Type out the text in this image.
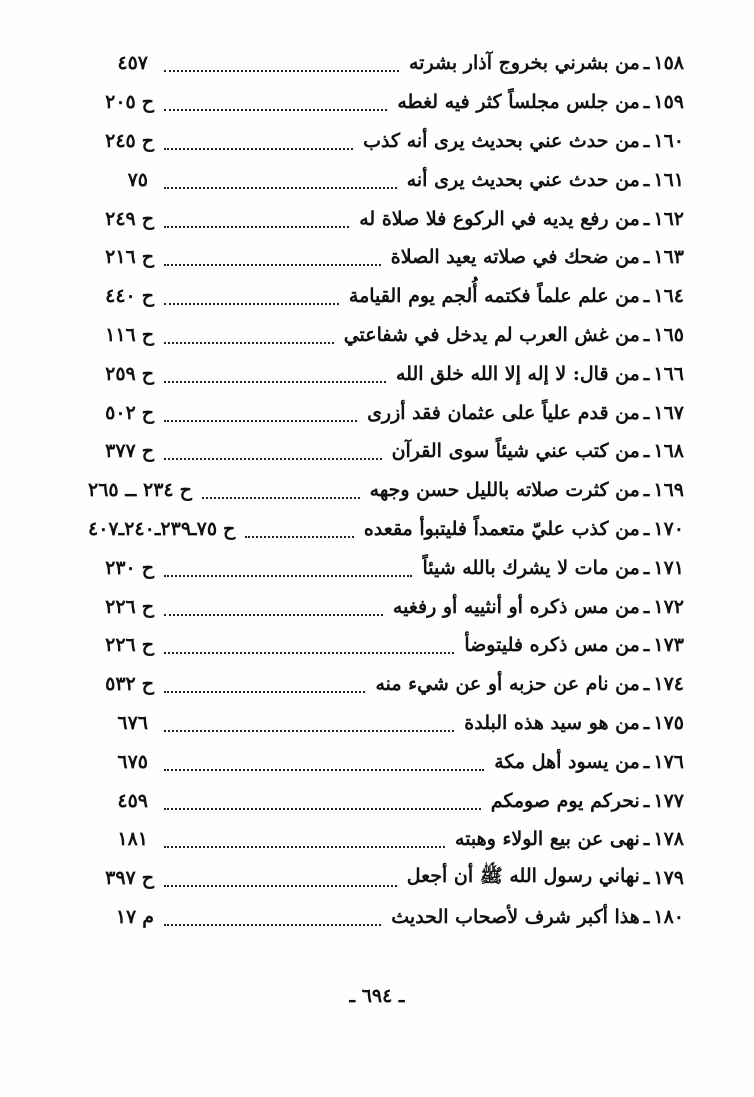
١٥٨
ـ
من بشرني بخروج آذار بشرته
٤٥٧
١٥٩
ـ
من جلس مجلساً كثر فيه لغطه
ح
٢٠٥
١٦٠
ـ
من حدث عني بحديث يرى أنه كذب
ح
٢٤٥
١٦١
ـ
من حدث عني بحديث يرى أنه
٧٥
١٦٢
ـ
من رفع يديه في الركوع فلا صلاة له
ح
٢٤٩
١٦٣
ـ
من ضحك في صلاته يعيد الصلاة
ح
٢١٦
١٦٤
ـ
من علم علماً فكتمه أُلجم يوم القيامة
ح
٤٤٠
١٦٥
ـ
من غش العرب لم يدخل في شفاعتي
ح
١١٦
١٦٦
ـ
من قال: لا إله إلا الله خلق الله
ح
٢٥٩
١٦٧
ـ
من قدم علياً على عثمان فقد أزرى
ح
٥٠٢
١٦٨
ـ
من كتب عني شيئاً سوى القرآن
ح
٣٧٧
١٦٩
ـ
من كثرت صلاته بالليل حسن وجهه
ح
٢٣٤ ــ ٢٦٥
١٧٠
ـ
من كذب عليّ متعمداً فليتبوأ مقعده
ح
٧٥ـ٢٣٩ـ٢٤٠ـ٤٠٧
١٧١
ـ
من مات لا يشرك بالله شيئاً
ح
٢٣٠
١٧٢
ـ
من مس ذكره أو أنثييه أو رفغيه
ح
٢٢٦
١٧٣
ـ
من مس ذكره فليتوضأ
ح
٢٢٦
١٧٤
ـ
من نام عن حزبه أو عن شيء منه
ح
٥٣٢
١٧٥
ـ
من هو سيد هذه البلدة
٦٧٦
١٧٦
ـ
من يسود أهل مكة
٦٧٥
١٧٧
ـ
نحركم يوم صومكم
٤٥٩
١٧٨
ـ
نهى عن بيع الولاء وهبته
١٨١
١٧٩
ـ
نهاني رسول الله ﷺ أن أجعل
ح
٣٩٧
١٨٠
ـ
هذا أكبر شرف لأصحاب الحديث
م
١٧
ـ ٦٩٤ ـ
